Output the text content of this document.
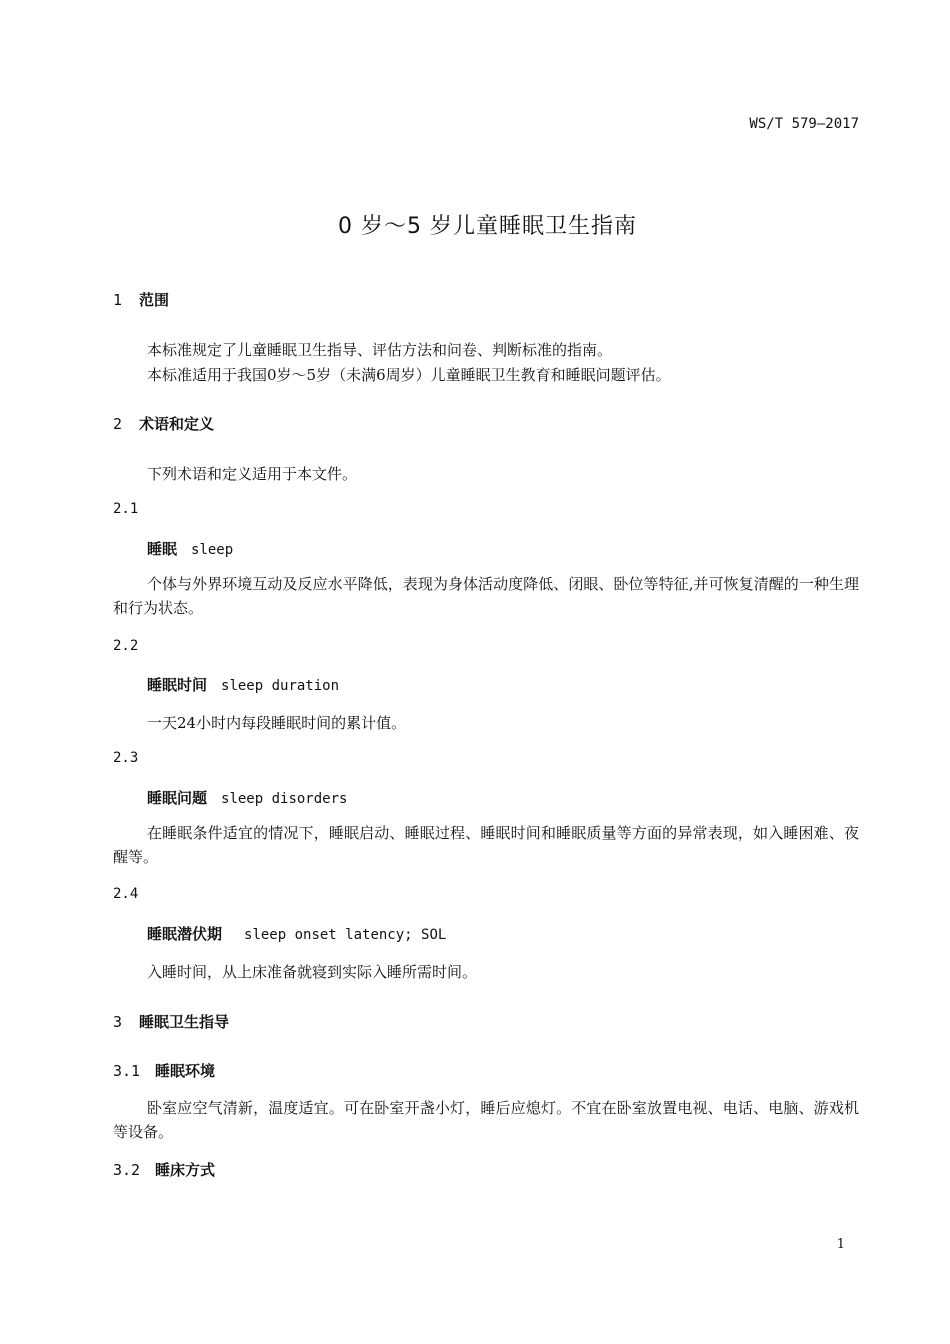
WS/T 579—2017
0 岁～5 岁儿童睡眠卫生指南
1 范围
本标准规定了儿童睡眠卫生指导、评估方法和问卷、判断标准的指南。
本标准适用于我国0岁～5岁（未满6周岁）儿童睡眠卫生教育和睡眠问题评估。
2 术语和定义
下列术语和定义适用于本文件。
2.1
睡眠 sleep
个体与外界环境互动及反应水平降低，表现为身体活动度降低、闭眼、卧位等特征,并可恢复清醒的一种生理和行为状态。
2.2
睡眠时间 sleep duration
一天24小时内每段睡眠时间的累计值。
2.3
睡眠问题 sleep disorders
在睡眠条件适宜的情况下，睡眠启动、睡眠过程、睡眠时间和睡眠质量等方面的异常表现，如入睡困难、夜醒等。
2.4
睡眠潜伏期 sleep onset latency; SOL
入睡时间，从上床准备就寝到实际入睡所需时间。
3 睡眠卫生指导
3.1 睡眠环境
卧室应空气清新，温度适宜。可在卧室开盏小灯，睡后应熄灯。不宜在卧室放置电视、电话、电脑、游戏机等设备。
3.2 睡床方式
1
